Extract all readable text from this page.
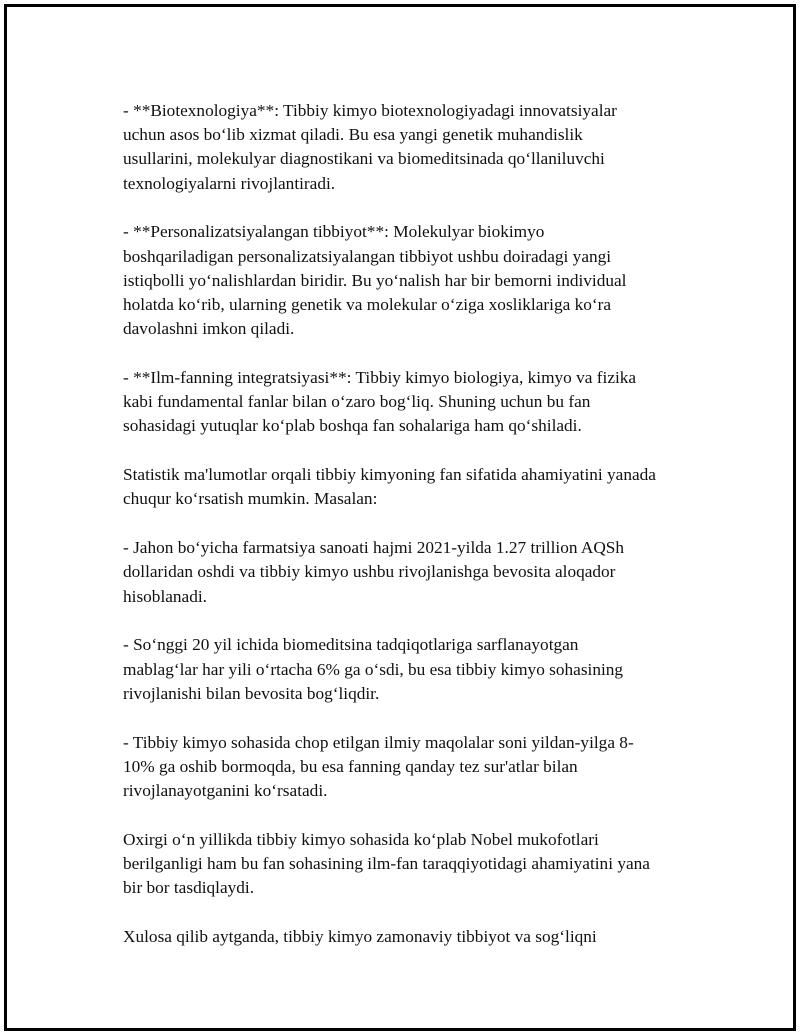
- **Biotexnologiya**: Tibbiy kimyo biotexnologiyadagi innovatsiyalar
uchun asos bo‘lib xizmat qiladi. Bu esa yangi genetik muhandislik
usullarini, molekulyar diagnostikani va biomeditsinada qo‘llaniluvchi
texnologiyalarni rivojlantiradi.

- **Personalizatsiyalangan tibbiyot**: Molekulyar biokimyo
boshqariladigan personalizatsiyalangan tibbiyot ushbu doiradagi yangi
istiqbolli yo‘nalishlardan biridir. Bu yo‘nalish har bir bemorni individual
holatda ko‘rib, ularning genetik va molekular o‘ziga xosliklariga ko‘ra
davolashni imkon qiladi.

- **Ilm-fanning integratsiyasi**: Tibbiy kimyo biologiya, kimyo va fizika
kabi fundamental fanlar bilan o‘zaro bog‘liq. Shuning uchun bu fan
sohasidagi yutuqlar ko‘plab boshqa fan sohalariga ham qo‘shiladi.

Statistik ma'lumotlar orqali tibbiy kimyoning fan sifatida ahamiyatini yanada
chuqur ko‘rsatish mumkin. Masalan:

- Jahon bo‘yicha farmatsiya sanoati hajmi 2021-yilda 1.27 trillion AQSh
dollaridan oshdi va tibbiy kimyo ushbu rivojlanishga bevosita aloqador
hisoblanadi.

- So‘nggi 20 yil ichida biomeditsina tadqiqotlariga sarflanayotgan
mablag‘lar har yili o‘rtacha 6% ga o‘sdi, bu esa tibbiy kimyo sohasining
rivojlanishi bilan bevosita bog‘liqdir.

- Tibbiy kimyo sohasida chop etilgan ilmiy maqolalar soni yildan-yilga 8-
10% ga oshib bormoqda, bu esa fanning qanday tez sur'atlar bilan
rivojlanayotganini ko‘rsatadi.

Oxirgi o‘n yillikda tibbiy kimyo sohasida ko‘plab Nobel mukofotlari
berilganligi ham bu fan sohasining ilm-fan taraqqiyotidagi ahamiyatini yana
bir bor tasdiqlaydi.

Xulosa qilib aytganda, tibbiy kimyo zamonaviy tibbiyot va sog‘liqni
